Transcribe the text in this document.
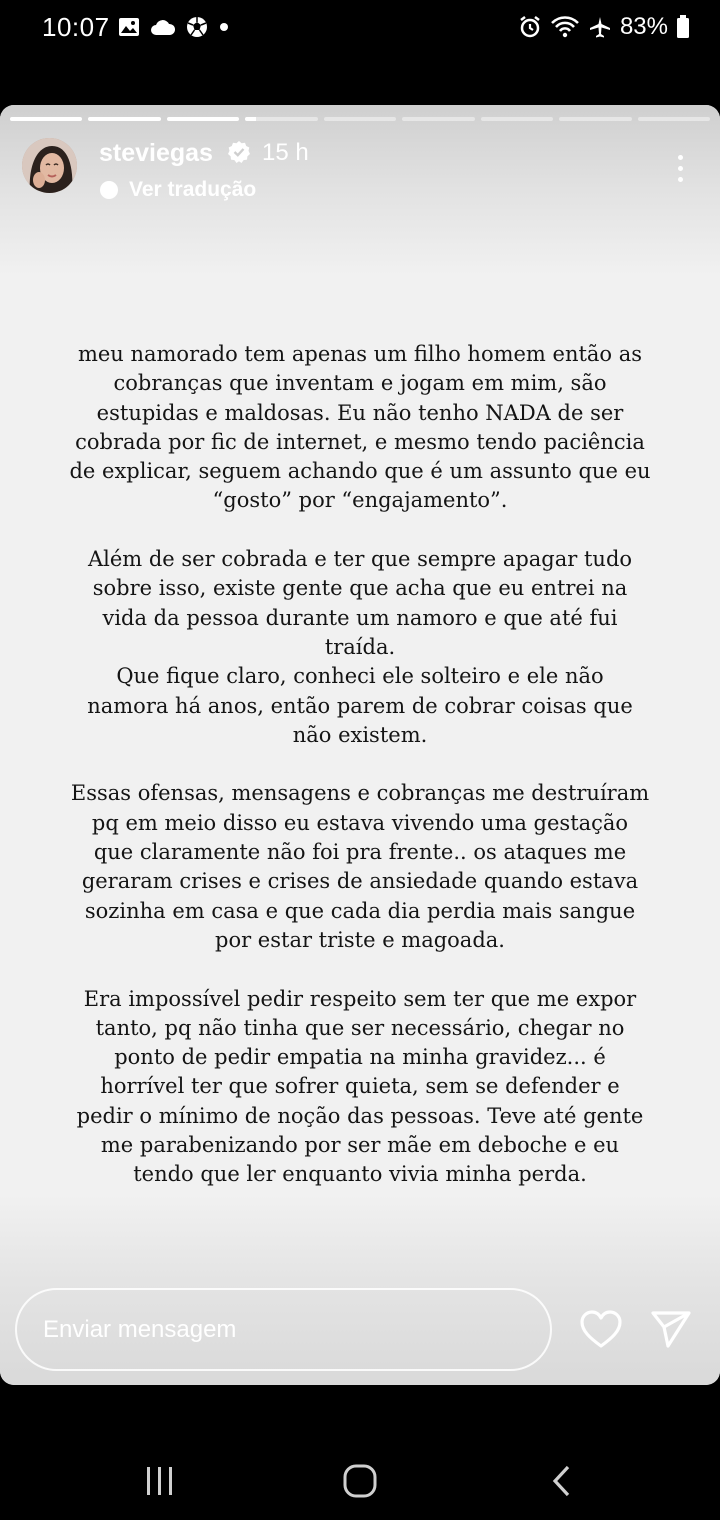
10:07	83%
steviegas 15 h
Ver tradução

meu namorado tem apenas um filho homem então as
cobranças que inventam e jogam em mim, são
estupidas e maldosas. Eu não tenho NADA de ser
cobrada por fic de internet, e mesmo tendo paciência
de explicar, seguem achando que é um assunto que eu
“gosto” por “engajamento”.

Além de ser cobrada e ter que sempre apagar tudo
sobre isso, existe gente que acha que eu entrei na
vida da pessoa durante um namoro e que até fui
traída.
Que fique claro, conheci ele solteiro e ele não
namora há anos, então parem de cobrar coisas que
não existem.

Essas ofensas, mensagens e cobranças me destruíram
pq em meio disso eu estava vivendo uma gestação
que claramente não foi pra frente.. os ataques me
geraram crises e crises de ansiedade quando estava
sozinha em casa e que cada dia perdia mais sangue
por estar triste e magoada.

Era impossível pedir respeito sem ter que me expor
tanto, pq não tinha que ser necessário, chegar no
ponto de pedir empatia na minha gravidez... é
horrível ter que sofrer quieta, sem se defender e
pedir o mínimo de noção das pessoas. Teve até gente
me parabenizando por ser mãe em deboche e eu
tendo que ler enquanto vivia minha perda.

Enviar mensagem
